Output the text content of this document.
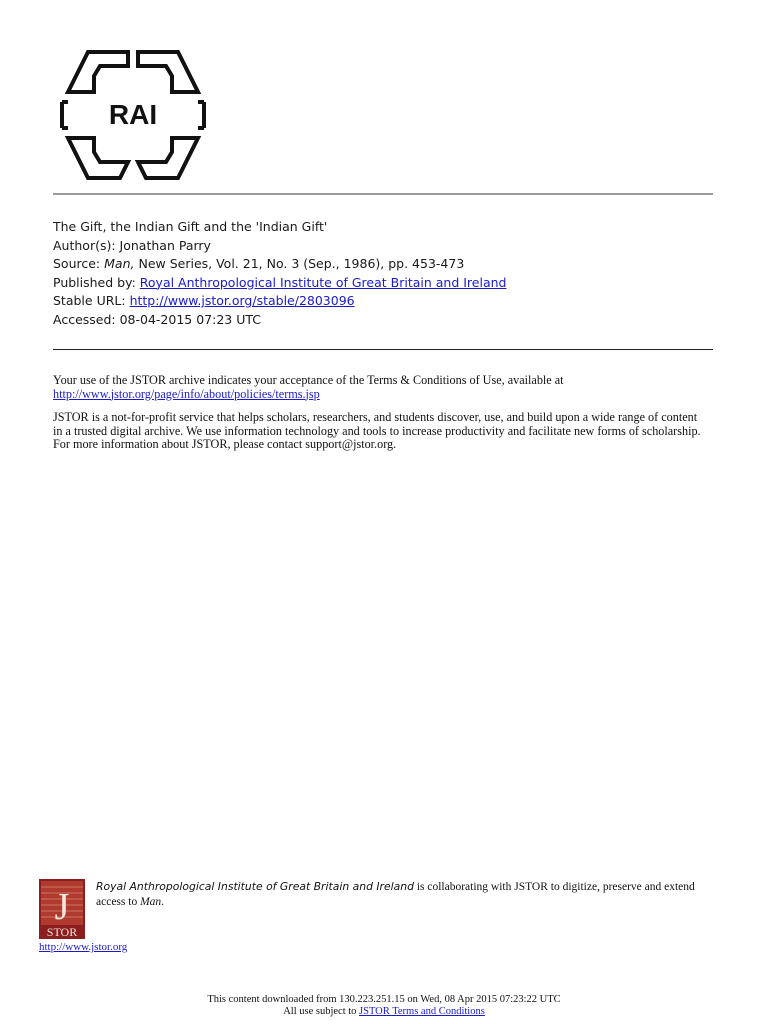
RAI
The Gift, the Indian Gift and the 'Indian Gift'
Author(s): Jonathan Parry
Source: Man, New Series, Vol. 21, No. 3 (Sep., 1986), pp. 453-473
Published by: Royal Anthropological Institute of Great Britain and Ireland
Stable URL: http://www.jstor.org/stable/2803096
Accessed: 08-04-2015 07:23 UTC

Your use of the JSTOR archive indicates your acceptance of the Terms & Conditions of Use, available at
http://www.jstor.org/page/info/about/policies/terms.jsp

JSTOR is a not-for-profit service that helps scholars, researchers, and students discover, use, and build upon a wide range of content
in a trusted digital archive. We use information technology and tools to increase productivity and facilitate new forms of scholarship.
For more information about JSTOR, please contact support@jstor.org.

J
STOR
Royal Anthropological Institute of Great Britain and Ireland is collaborating with JSTOR to digitize, preserve and extend
access to Man.
http://www.jstor.org
This content downloaded from 130.223.251.15 on Wed, 08 Apr 2015 07:23:22 UTC
All use subject to JSTOR Terms and Conditions
